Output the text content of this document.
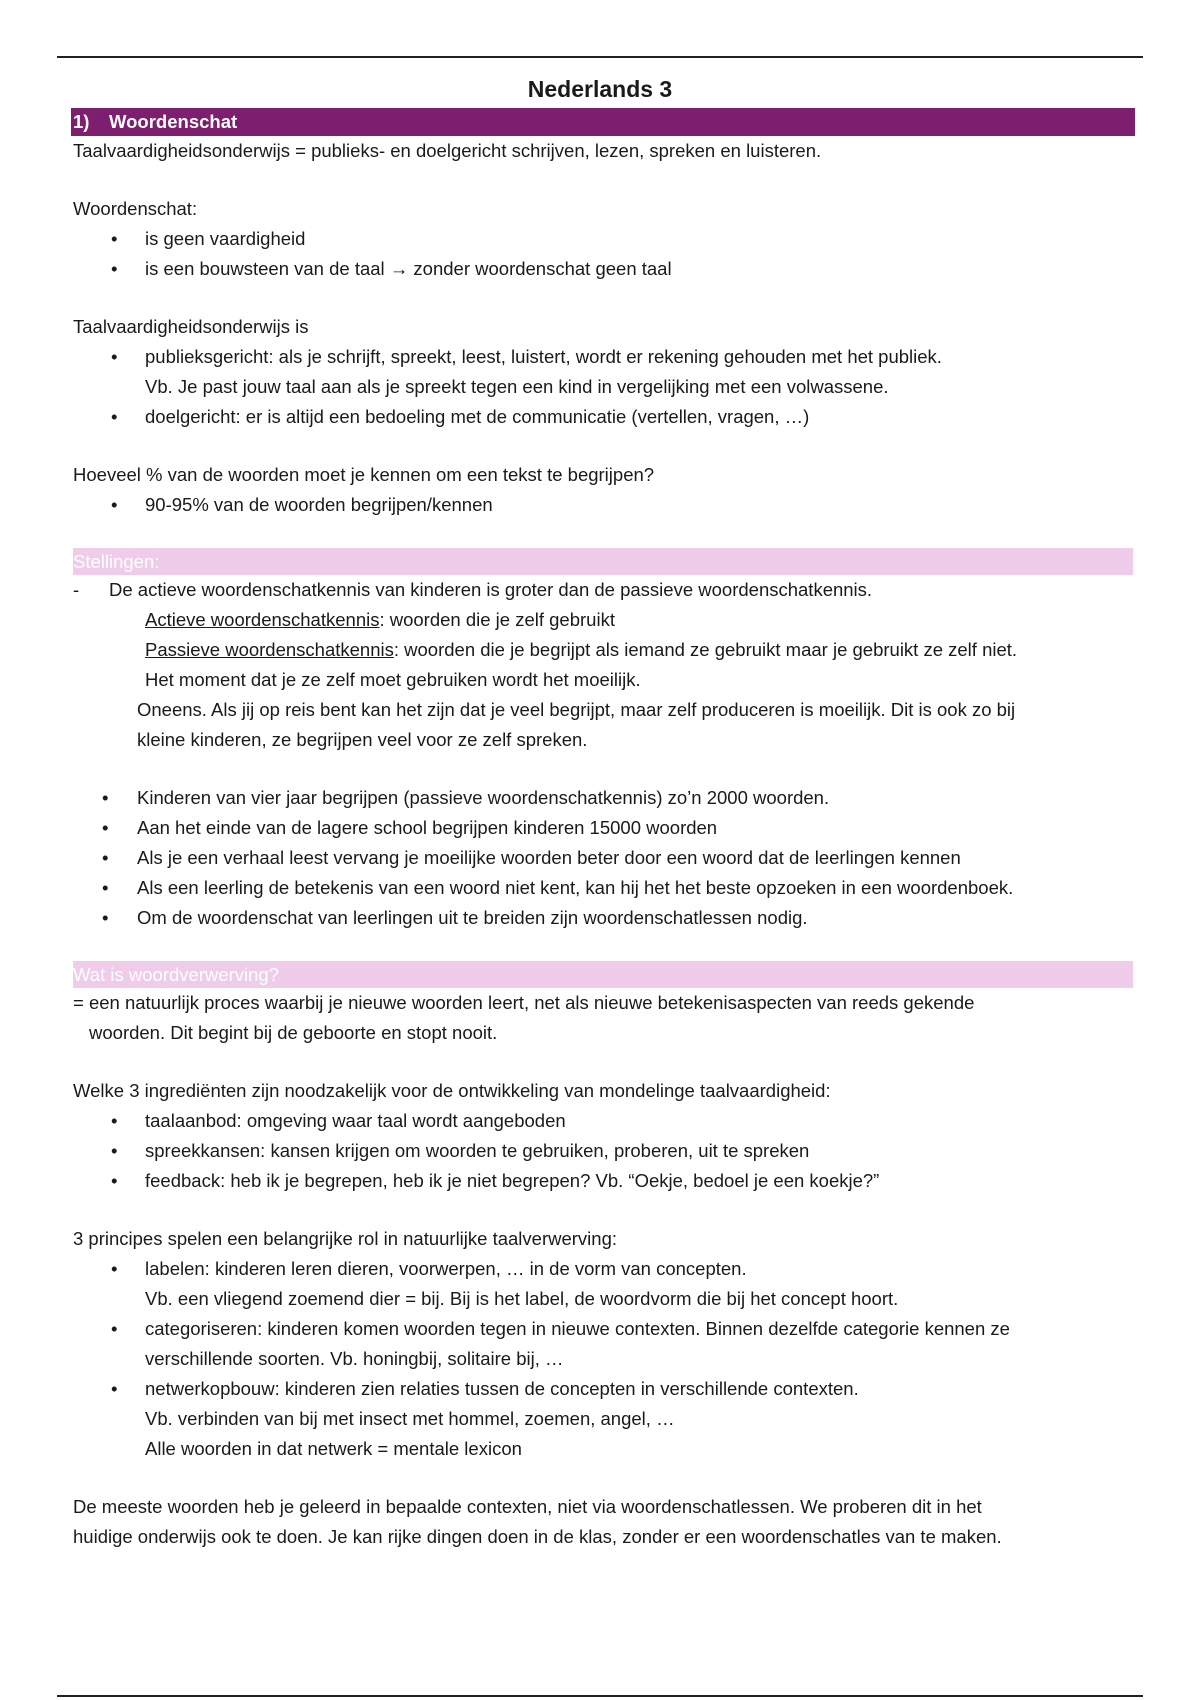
Nederlands 3
1) Woordenschat
Taalvaardigheidsonderwijs = publieks- en doelgericht schrijven, lezen, spreken en luisteren.
Woordenschat:
• is geen vaardigheid
• is een bouwsteen van de taal → zonder woordenschat geen taal
Taalvaardigheidsonderwijs is
• publieksgericht: als je schrijft, spreekt, leest, luistert, wordt er rekening gehouden met het publiek.
Vb. Je past jouw taal aan als je spreekt tegen een kind in vergelijking met een volwassene.
• doelgericht: er is altijd een bedoeling met de communicatie (vertellen, vragen, …)
Hoeveel % van de woorden moet je kennen om een tekst te begrijpen?
• 90-95% van de woorden begrijpen/kennen
Stellingen:
- De actieve woordenschatkennis van kinderen is groter dan de passieve woordenschatkennis.
Actieve woordenschatkennis: woorden die je zelf gebruikt
Passieve woordenschatkennis: woorden die je begrijpt als iemand ze gebruikt maar je gebruikt ze zelf niet.
Het moment dat je ze zelf moet gebruiken wordt het moeilijk.
Oneens. Als jij op reis bent kan het zijn dat je veel begrijpt, maar zelf produceren is moeilijk. Dit is ook zo bij
kleine kinderen, ze begrijpen veel voor ze zelf spreken.
• Kinderen van vier jaar begrijpen (passieve woordenschatkennis) zo’n 2000 woorden.
• Aan het einde van de lagere school begrijpen kinderen 15000 woorden
• Als je een verhaal leest vervang je moeilijke woorden beter door een woord dat de leerlingen kennen
• Als een leerling de betekenis van een woord niet kent, kan hij het het beste opzoeken in een woordenboek.
• Om de woordenschat van leerlingen uit te breiden zijn woordenschatlessen nodig.
Wat is woordverwerving?
= een natuurlijk proces waarbij je nieuwe woorden leert, net als nieuwe betekenisaspecten van reeds gekende
woorden. Dit begint bij de geboorte en stopt nooit.
Welke 3 ingrediënten zijn noodzakelijk voor de ontwikkeling van mondelinge taalvaardigheid:
• taalaanbod: omgeving waar taal wordt aangeboden
• spreekkansen: kansen krijgen om woorden te gebruiken, proberen, uit te spreken
• feedback: heb ik je begrepen, heb ik je niet begrepen? Vb. “Oekje, bedoel je een koekje?”
3 principes spelen een belangrijke rol in natuurlijke taalverwerving:
• labelen: kinderen leren dieren, voorwerpen, … in de vorm van concepten.
Vb. een vliegend zoemend dier = bij. Bij is het label, de woordvorm die bij het concept hoort.
• categoriseren: kinderen komen woorden tegen in nieuwe contexten. Binnen dezelfde categorie kennen ze
verschillende soorten. Vb. honingbij, solitaire bij, …
• netwerkopbouw: kinderen zien relaties tussen de concepten in verschillende contexten.
Vb. verbinden van bij met insect met hommel, zoemen, angel, …
Alle woorden in dat netwerk = mentale lexicon
De meeste woorden heb je geleerd in bepaalde contexten, niet via woordenschatlessen. We proberen dit in het
huidige onderwijs ook te doen. Je kan rijke dingen doen in de klas, zonder er een woordenschatles van te maken.
